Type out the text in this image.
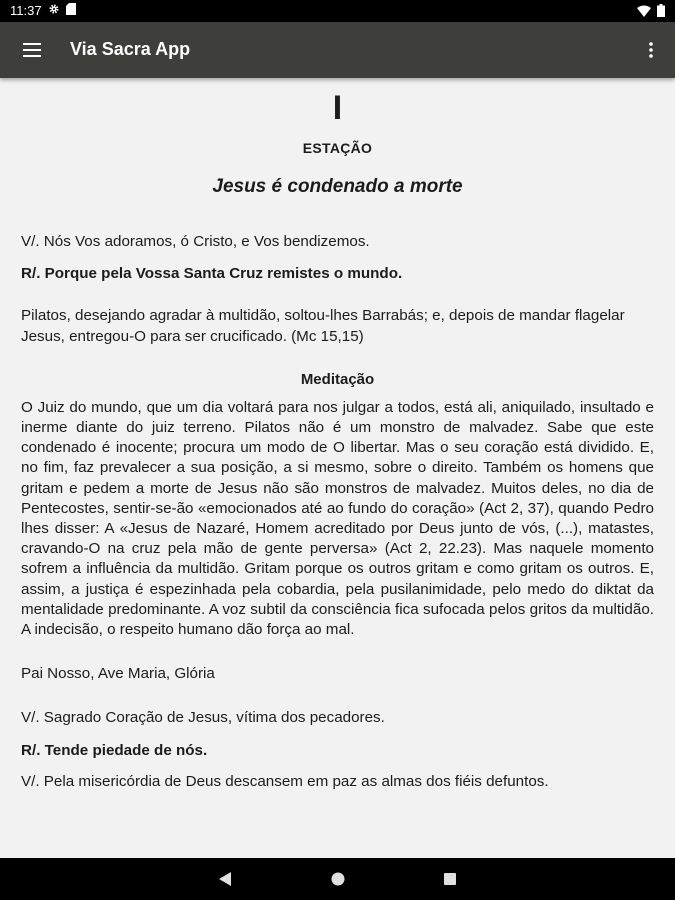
11:37
Via Sacra App
I
ESTAÇÃO
Jesus é condenado a morte

V/. Nós Vos adoramos, ó Cristo, e Vos bendizemos.

R/. Porque pela Vossa Santa Cruz remistes o mundo.

Pilatos, desejando agradar à multidão, soltou-lhes Barrabás; e, depois de mandar flagelar Jesus, entregou-O para ser crucificado. (Mc 15,15)

Meditação

O Juiz do mundo, que um dia voltará para nos julgar a todos, está ali, aniquilado, insultado e inerme diante do juiz terreno. Pilatos não é um monstro de malvadez. Sabe que este condenado é inocente; procura um modo de O libertar. Mas o seu coração está dividido. E, no fim, faz prevalecer a sua posição, a si mesmo, sobre o direito. Também os homens que gritam e pedem a morte de Jesus não são monstros de malvadez. Muitos deles, no dia de Pentecostes, sentir-se-ão «emocionados até ao fundo do coração» (Act 2, 37), quando Pedro lhes disser: A «Jesus de Nazaré, Homem acreditado por Deus junto de vós, (...), matastes, cravando-O na cruz pela mão de gente perversa» (Act 2, 22.23). Mas naquele momento sofrem a influência da multidão. Gritam porque os outros gritam e como gritam os outros. E, assim, a justiça é espezinhada pela cobardia, pela pusilanimidade, pelo medo do diktat da mentalidade predominante. A voz subtil da consciência fica sufocada pelos gritos da multidão. A indecisão, o respeito humano dão força ao mal.

Pai Nosso, Ave Maria, Glória

V/. Sagrado Coração de Jesus, vítima dos pecadores.

R/. Tende piedade de nós.

V/. Pela misericórdia de Deus descansem em paz as almas dos fiéis defuntos.
